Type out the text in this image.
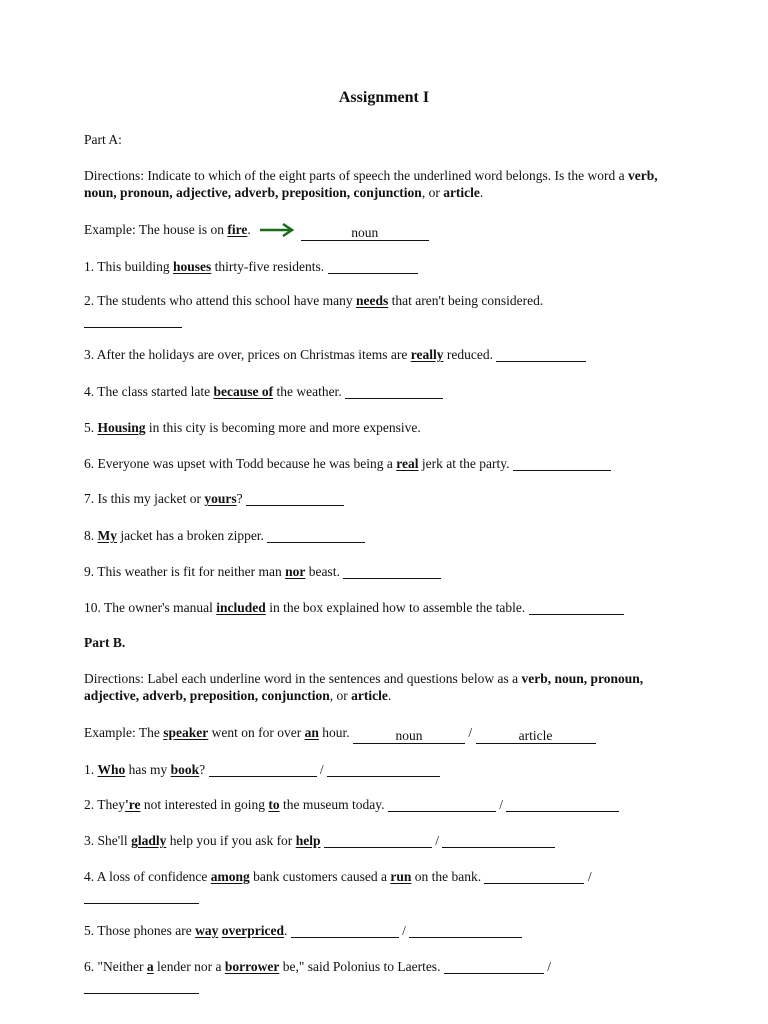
Assignment I
Part A:
Directions: Indicate to which of the eight parts of speech the underlined word belongs. Is the word a verb, noun, pronoun, adjective, adverb, preposition, conjunction, or article.
Example: The house is on fire.	noun
1. This building houses thirty-five residents.
2. The students who attend this school have many needs that aren't being considered.
3. After the holidays are over, prices on Christmas items are really reduced.
4. The class started late because of the weather.
5. Housing in this city is becoming more and more expensive.
6. Everyone was upset with Todd because he was being a real jerk at the party.
7. Is this my jacket or yours?
8. My jacket has a broken zipper.
9. This weather is fit for neither man nor beast.
10. The owner's manual included in the box explained how to assemble the table.
Part B.
Directions: Label each underline word in the sentences and questions below as a verb, noun, pronoun, adjective, adverb, preposition, conjunction, or article.
Example: The speaker went on for over an hour.	noun	/	article
1. Who has my book?	/
2. They're not interested in going to the museum today.	/
3. She'll gladly help you if you ask for help	/
4. A loss of confidence among bank customers caused a run on the bank.	/
5. Those phones are way overpriced.	/
6. "Neither a lender nor a borrower be," said Polonius to Laertes.	/
